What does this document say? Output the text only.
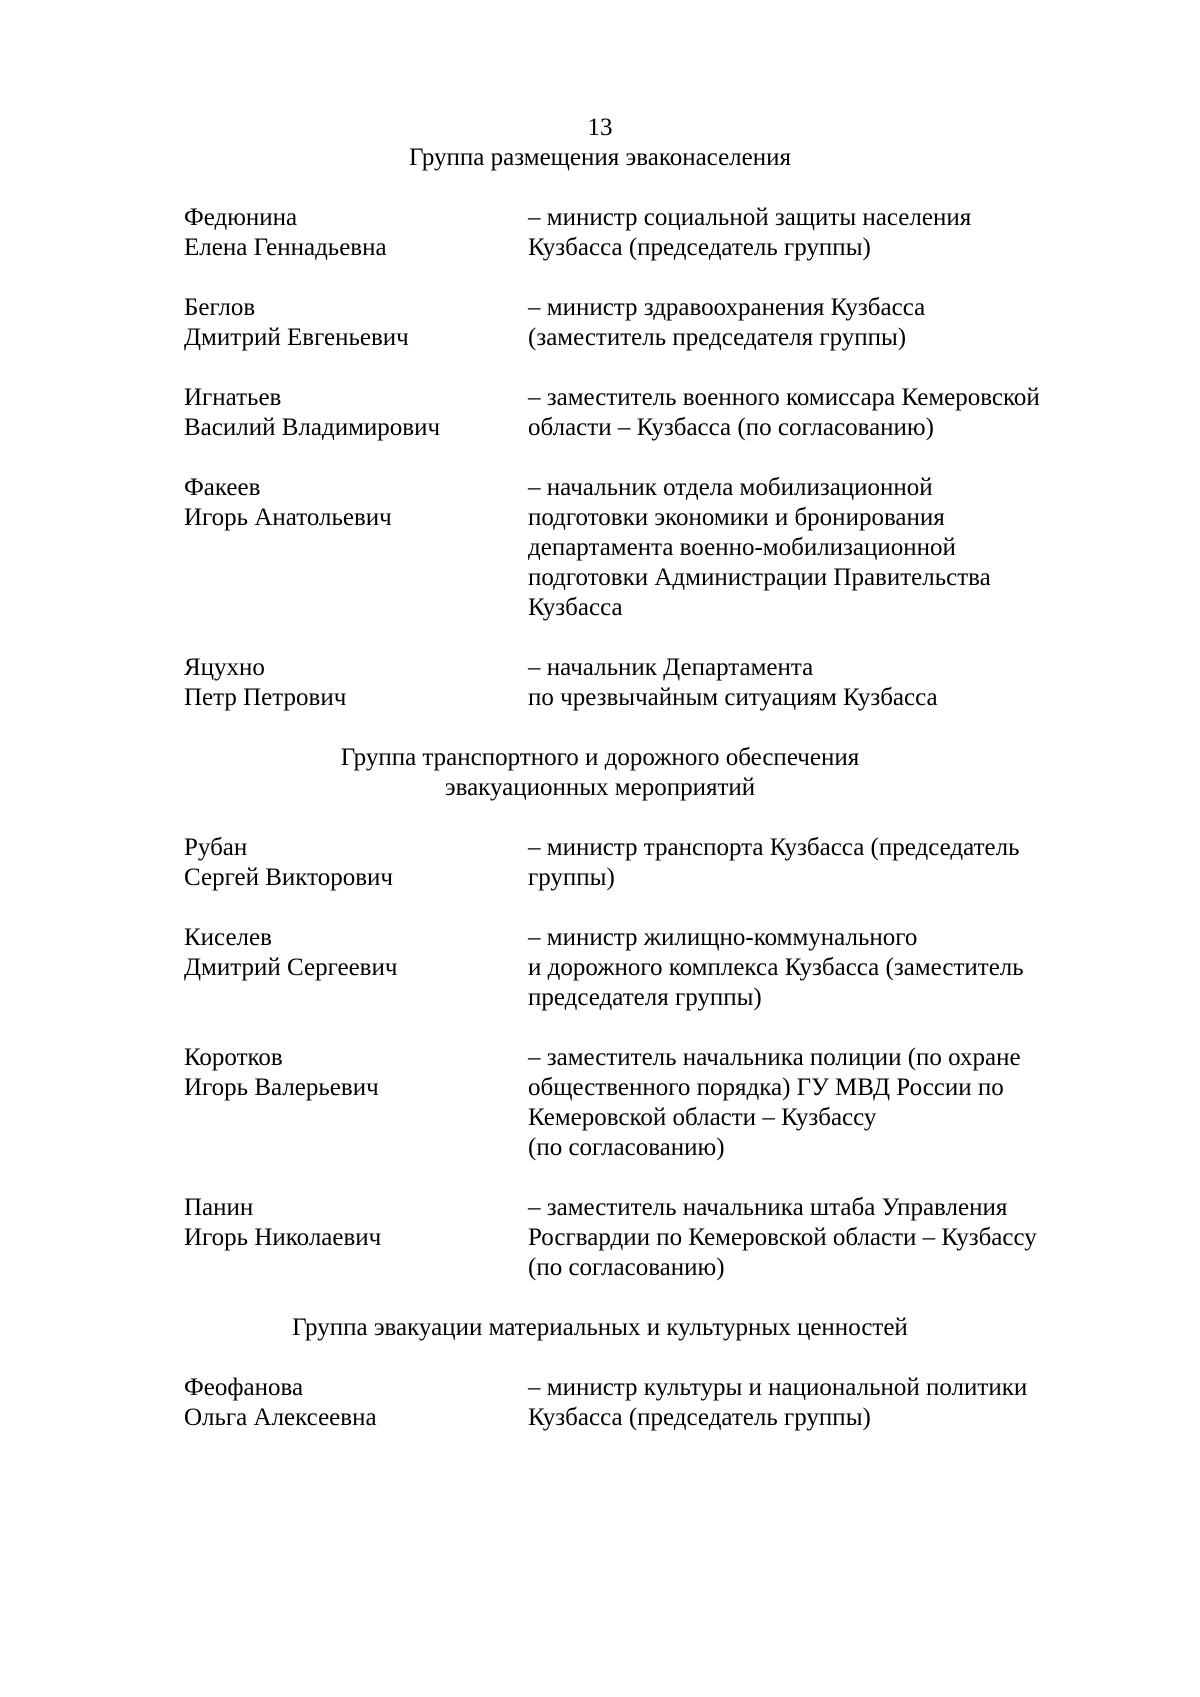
13
Группа размещения эваконаселения
Федюнина
Елена Геннадьевна
– министр социальной защиты населения
Кузбасса (председатель группы)
Беглов
Дмитрий Евгеньевич
– министр здравоохранения Кузбасса
(заместитель председателя группы)
Игнатьев
Василий Владимирович
– заместитель военного комиссара Кемеровской
области – Кузбасса (по согласованию)
Факеев
Игорь Анатольевич
– начальник отдела мобилизационной
подготовки экономики и бронирования
департамента военно-мобилизационной
подготовки Администрации Правительства
Кузбасса
Яцухно
Петр Петрович
– начальник Департамента
по чрезвычайным ситуациям Кузбасса
Группа транспортного и дорожного обеспечения
эвакуационных мероприятий
Рубан
Сергей Викторович
– министр транспорта Кузбасса (председатель
группы)
Киселев
Дмитрий Сергеевич
– министр жилищно-коммунального
и дорожного комплекса Кузбасса (заместитель
председателя группы)
Коротков
Игорь Валерьевич
– заместитель начальника полиции (по охране
общественного порядка) ГУ МВД России по
Кемеровской области – Кузбассу
(по согласованию)
Панин
Игорь Николаевич
– заместитель начальника штаба Управления
Росгвардии по Кемеровской области – Кузбассу
(по согласованию)
Группа эвакуации материальных и культурных ценностей
Феофанова
Ольга Алексеевна
– министр культуры и национальной политики
Кузбасса (председатель группы)
